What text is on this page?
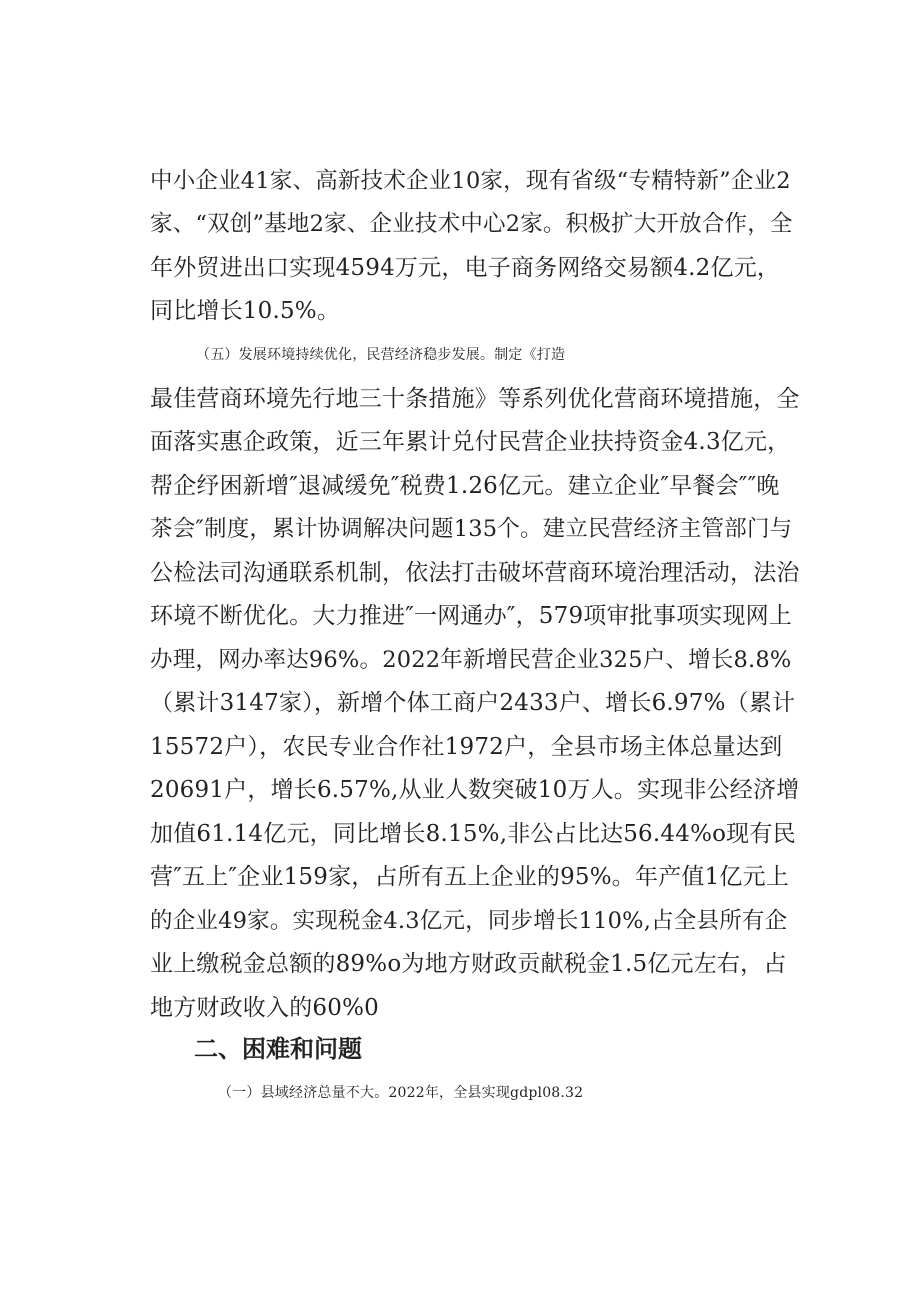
中小企业41家、高新技术企业10家，现有省级“专精特新”企业2
家、“双创”基地2家、企业技术中心2家。积极扩大开放合作，全
年外贸进出口实现4594万元，电子商务网络交易额4.2亿元，
同比增长10.5%。
（五）发展环境持续优化，民营经济稳步发展。制定《打造
最佳营商环境先行地三十条措施》等系列优化营商环境措施，全
面落实惠企政策，近三年累计兑付民营企业扶持资金4.3亿元，
帮企纾困新增″退减缓免″税费1.26亿元。建立企业″早餐会″″晚
茶会″制度，累计协调解决问题135个。建立民营经济主管部门与
公检法司沟通联系机制，依法打击破坏营商环境治理活动，法治
环境不断优化。大力推进″一网通办″，579项审批事项实现网上
办理，网办率达96%。2022年新增民营企业325户、增长8.8%
（累计3147家），新增个体工商户2433户、增长6.97%（累计
15572户），农民专业合作社1972户，全县市场主体总量达到
20691户，增长6.57%,从业人数突破10万人。实现非公经济增
加值61.14亿元，同比增长8.15%,非公占比达56.44%o现有民
营″五上″企业159家，占所有五上企业的95%。年产值1亿元上
的企业49家。实现税金4.3亿元，同步增长110%,占全县所有企
业上缴税金总额的89%o为地方财政贡献税金1.5亿元左右，占
地方财政收入的60%0
二、困难和问题
（一）县域经济总量不大。2022年，全县实现gdpl08.32
